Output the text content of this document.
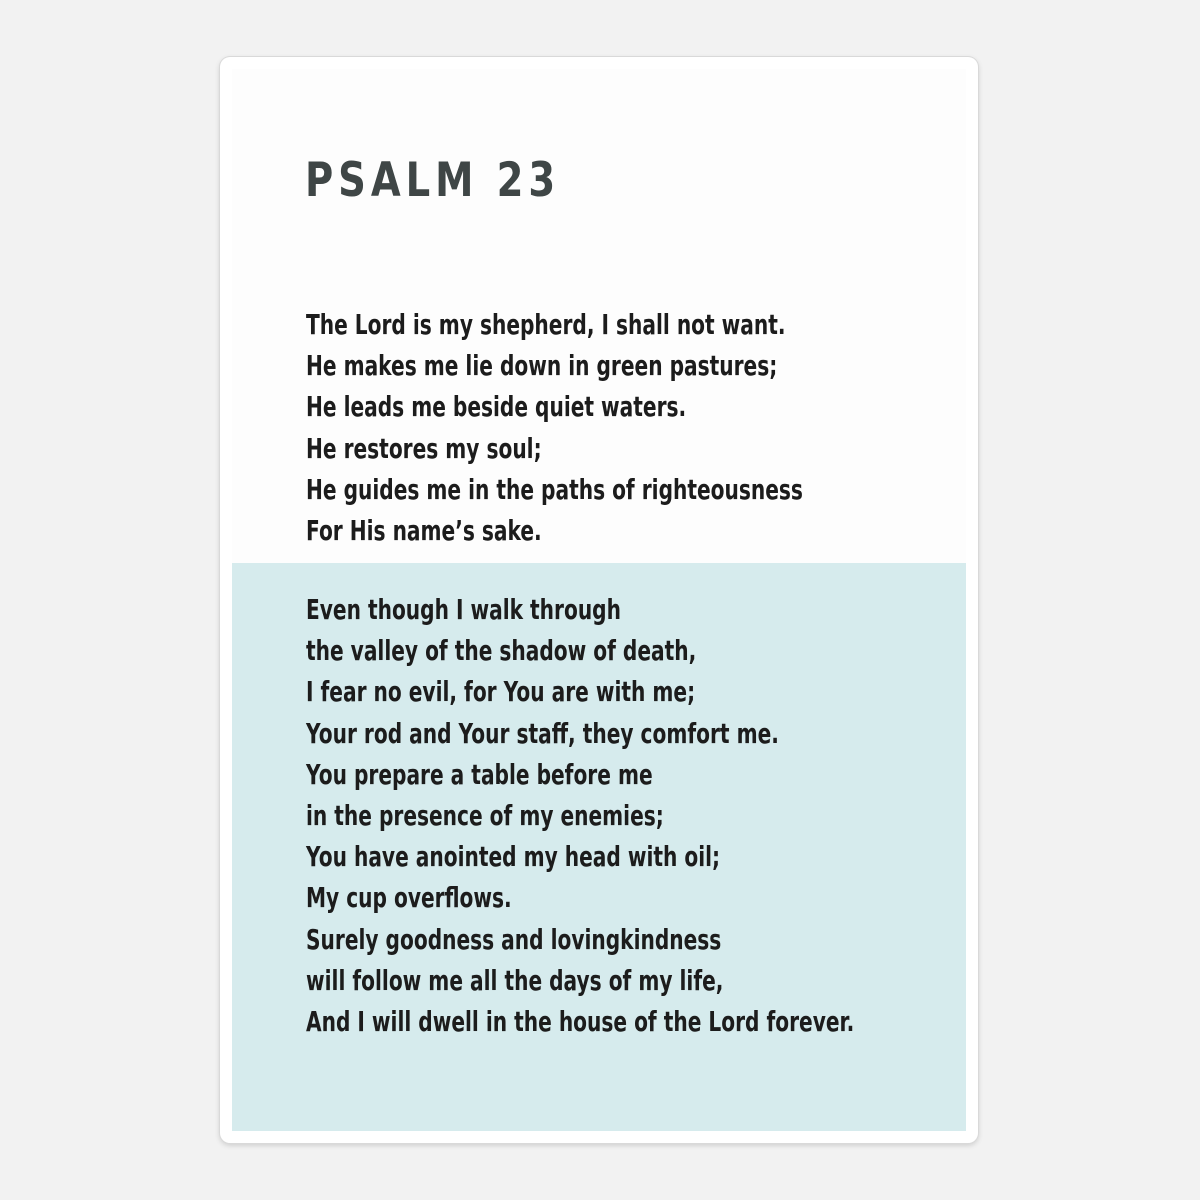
PSALM 23
The Lord is my shepherd, I shall not want.
He makes me lie down in green pastures;
He leads me beside quiet waters.
He restores my soul;
He guides me in the paths of righteousness
For His name’s sake.
Even though I walk through
the valley of the shadow of death,
I fear no evil, for You are with me;
Your rod and Your staff, they comfort me.
You prepare a table before me
in the presence of my enemies;
You have anointed my head with oil;
My cup overflows.
Surely goodness and lovingkindness
will follow me all the days of my life,
And I will dwell in the house of the Lord forever.
